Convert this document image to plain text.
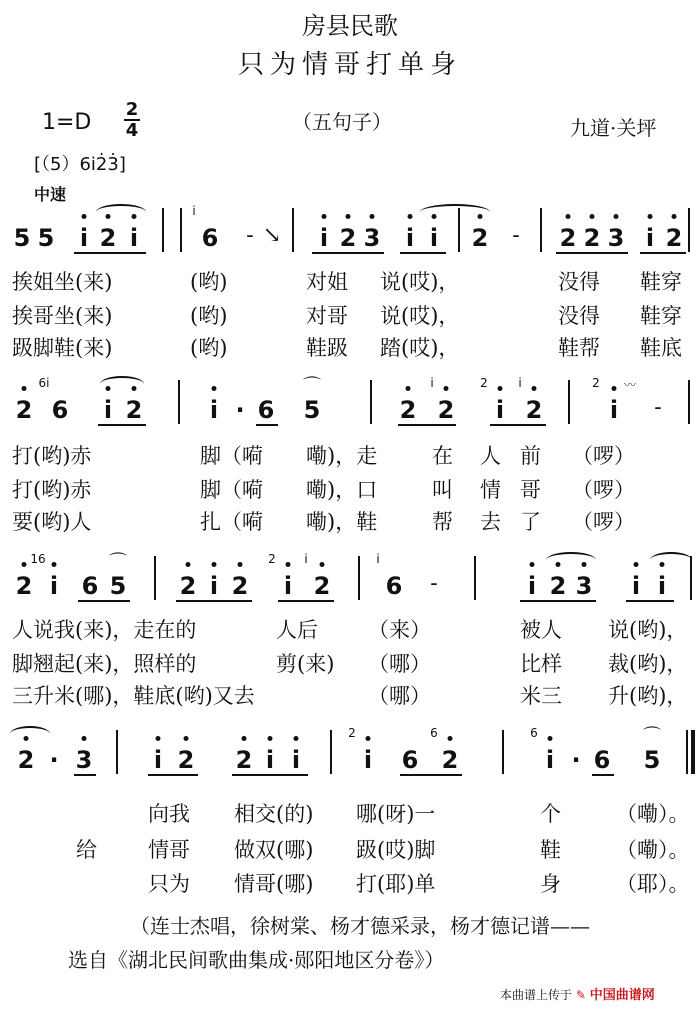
房县民歌
只为情哥打单身
1=D
2
4	（五句子）	九道·关坪
[（5）6i2̇3̇]
中速
5 5 i 2 i
i
6 - ↘ i 2 3 i i 2 - 2 2 3 i 2
挨姐坐(来)	(哟)	对姐 说(哎)，	没得 鞋穿
挨哥坐(来)	(哟)	对哥 说(哎)，	没得 鞋穿
趿脚鞋(来)	(哟)	鞋趿 踏(哎)，	鞋帮 鞋底
6i
2 6 i 2	i · 6 5
⌒
2
i
2
2
i
i
2
2
i
〰
-
打(哟)赤	脚（嗬 嘞)，走	在 人 前 （啰）
打(哟)赤	脚（嗬 嘞)，口	叫 情 哥 （啰）
要(哟)人	扎（嗬 嘞)，鞋	帮 去 了 （啰）
16
2 i 6 5
⌒
2 i 2
2
i
i
2
i
6 -	i 2 3 i i
人说我(来)，走在的	人后 （来）	被人 说(哟)，
脚翘起(来)，照样的	剪(来) （哪）	比样 裁(哟)，
三升米(哪)，鞋底(哟)又去	（哪）	米三 升(哟)，
2 · 3	i 2 2 i i
2
i 6
6
2
6
i · 6 5
⌒
向我 相交(的) 哪(呀)一	个	（嘞）。
给 情哥 做双(哪) 趿(哎)脚	鞋	（嘞）。
只为 情哥(哪) 打(耶)单	身	（耶）。
（连士杰唱，徐树棠、杨才德采录，杨才德记谱——
选自《湖北民间歌曲集成·郧阳地区分卷》）
本曲谱上传于 ✎ 中国曲谱网
